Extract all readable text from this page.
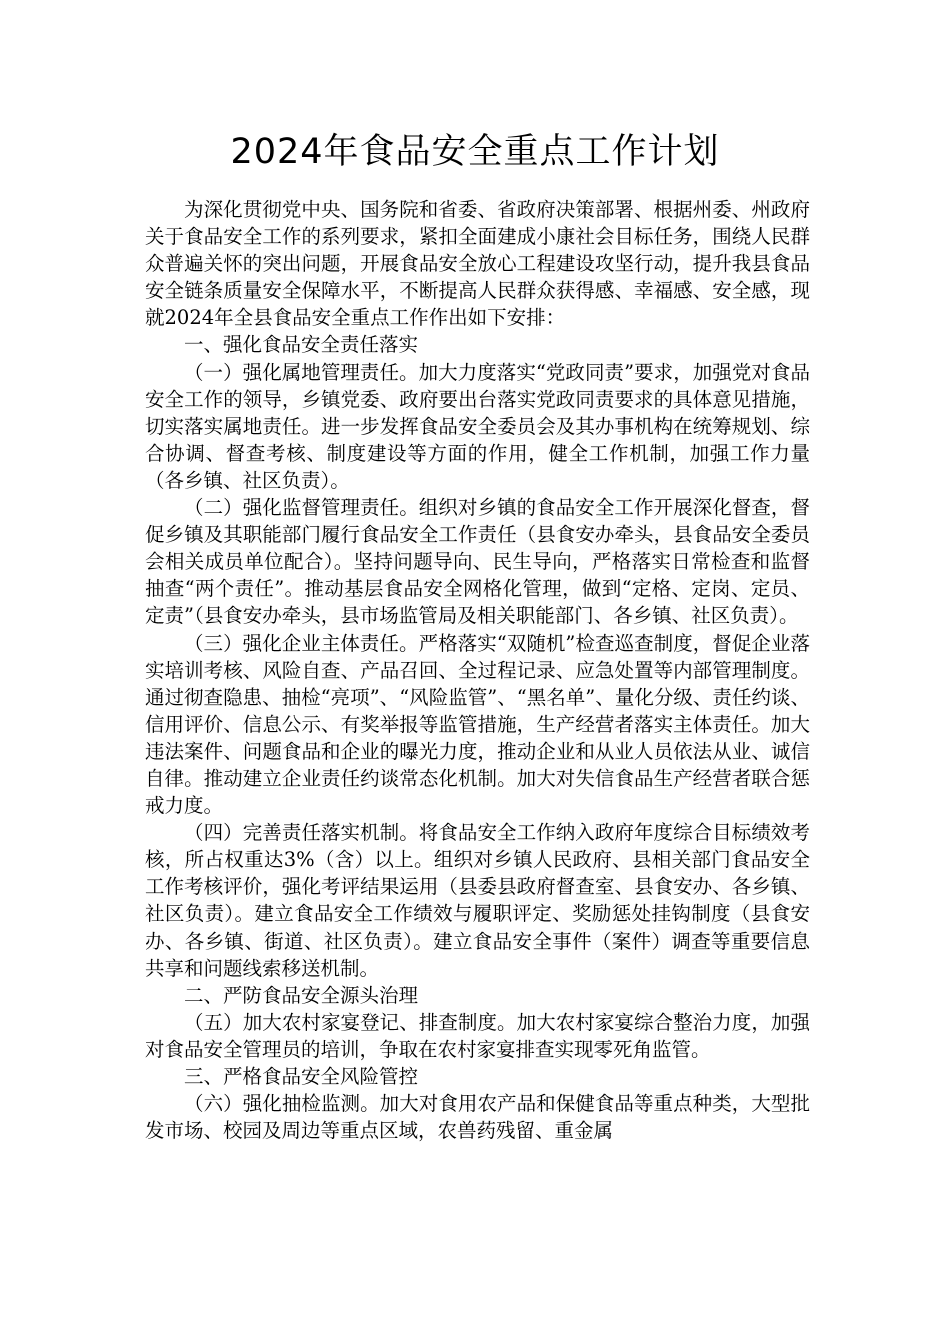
2024年食品安全重点工作计划

为深化贯彻党中央、国务院和省委、省政府决策部署、根据州委、州政府关于食品安全工作的系列要求，紧扣全面建成小康社会目标任务，围绕人民群众普遍关怀的突出问题，开展食品安全放心工程建设攻坚行动，提升我县食品安全链条质量安全保障水平，不断提高人民群众获得感、幸福感、安全感，现就2024年全县食品安全重点工作作出如下安排：

一、强化食品安全责任落实

（一）强化属地管理责任。加大力度落实“党政同责”要求，加强党对食品安全工作的领导，乡镇党委、政府要出台落实党政同责要求的具体意见措施，切实落实属地责任。进一步发挥食品安全委员会及其办事机构在统筹规划、综合协调、督查考核、制度建设等方面的作用，健全工作机制，加强工作力量（各乡镇、社区负责）。

（二）强化监督管理责任。组织对乡镇的食品安全工作开展深化督查，督促乡镇及其职能部门履行食品安全工作责任（县食安办牵头，县食品安全委员会相关成员单位配合）。坚持问题导向、民生导向，严格落实日常检查和监督抽查“两个责任”。推动基层食品安全网格化管理，做到“定格、定岗、定员、定责”（县食安办牵头，县市场监管局及相关职能部门、各乡镇、社区负责）。

（三）强化企业主体责任。严格落实“双随机”检查巡查制度，督促企业落实培训考核、风险自查、产品召回、全过程记录、应急处置等内部管理制度。通过彻查隐患、抽检“亮项”、“风险监管”、“黑名单”、量化分级、责任约谈、信用评价、信息公示、有奖举报等监管措施，生产经营者落实主体责任。加大违法案件、问题食品和企业的曝光力度，推动企业和从业人员依法从业、诚信自律。推动建立企业责任约谈常态化机制。加大对失信食品生产经营者联合惩戒力度。

（四）完善责任落实机制。将食品安全工作纳入政府年度综合目标绩效考核，所占权重达3%（含）以上。组织对乡镇人民政府、县相关部门食品安全工作考核评价，强化考评结果运用（县委县政府督查室、县食安办、各乡镇、社区负责）。建立食品安全工作绩效与履职评定、奖励惩处挂钩制度（县食安办、各乡镇、街道、社区负责）。建立食品安全事件（案件）调查等重要信息共享和问题线索移送机制。

二、严防食品安全源头治理

（五）加大农村家宴登记、排查制度。加大农村家宴综合整治力度，加强对食品安全管理员的培训，争取在农村家宴排查实现零死角监管。

三、严格食品安全风险管控

（六）强化抽检监测。加大对食用农产品和保健食品等重点种类，大型批发市场、校园及周边等重点区域，农兽药残留、重金属
